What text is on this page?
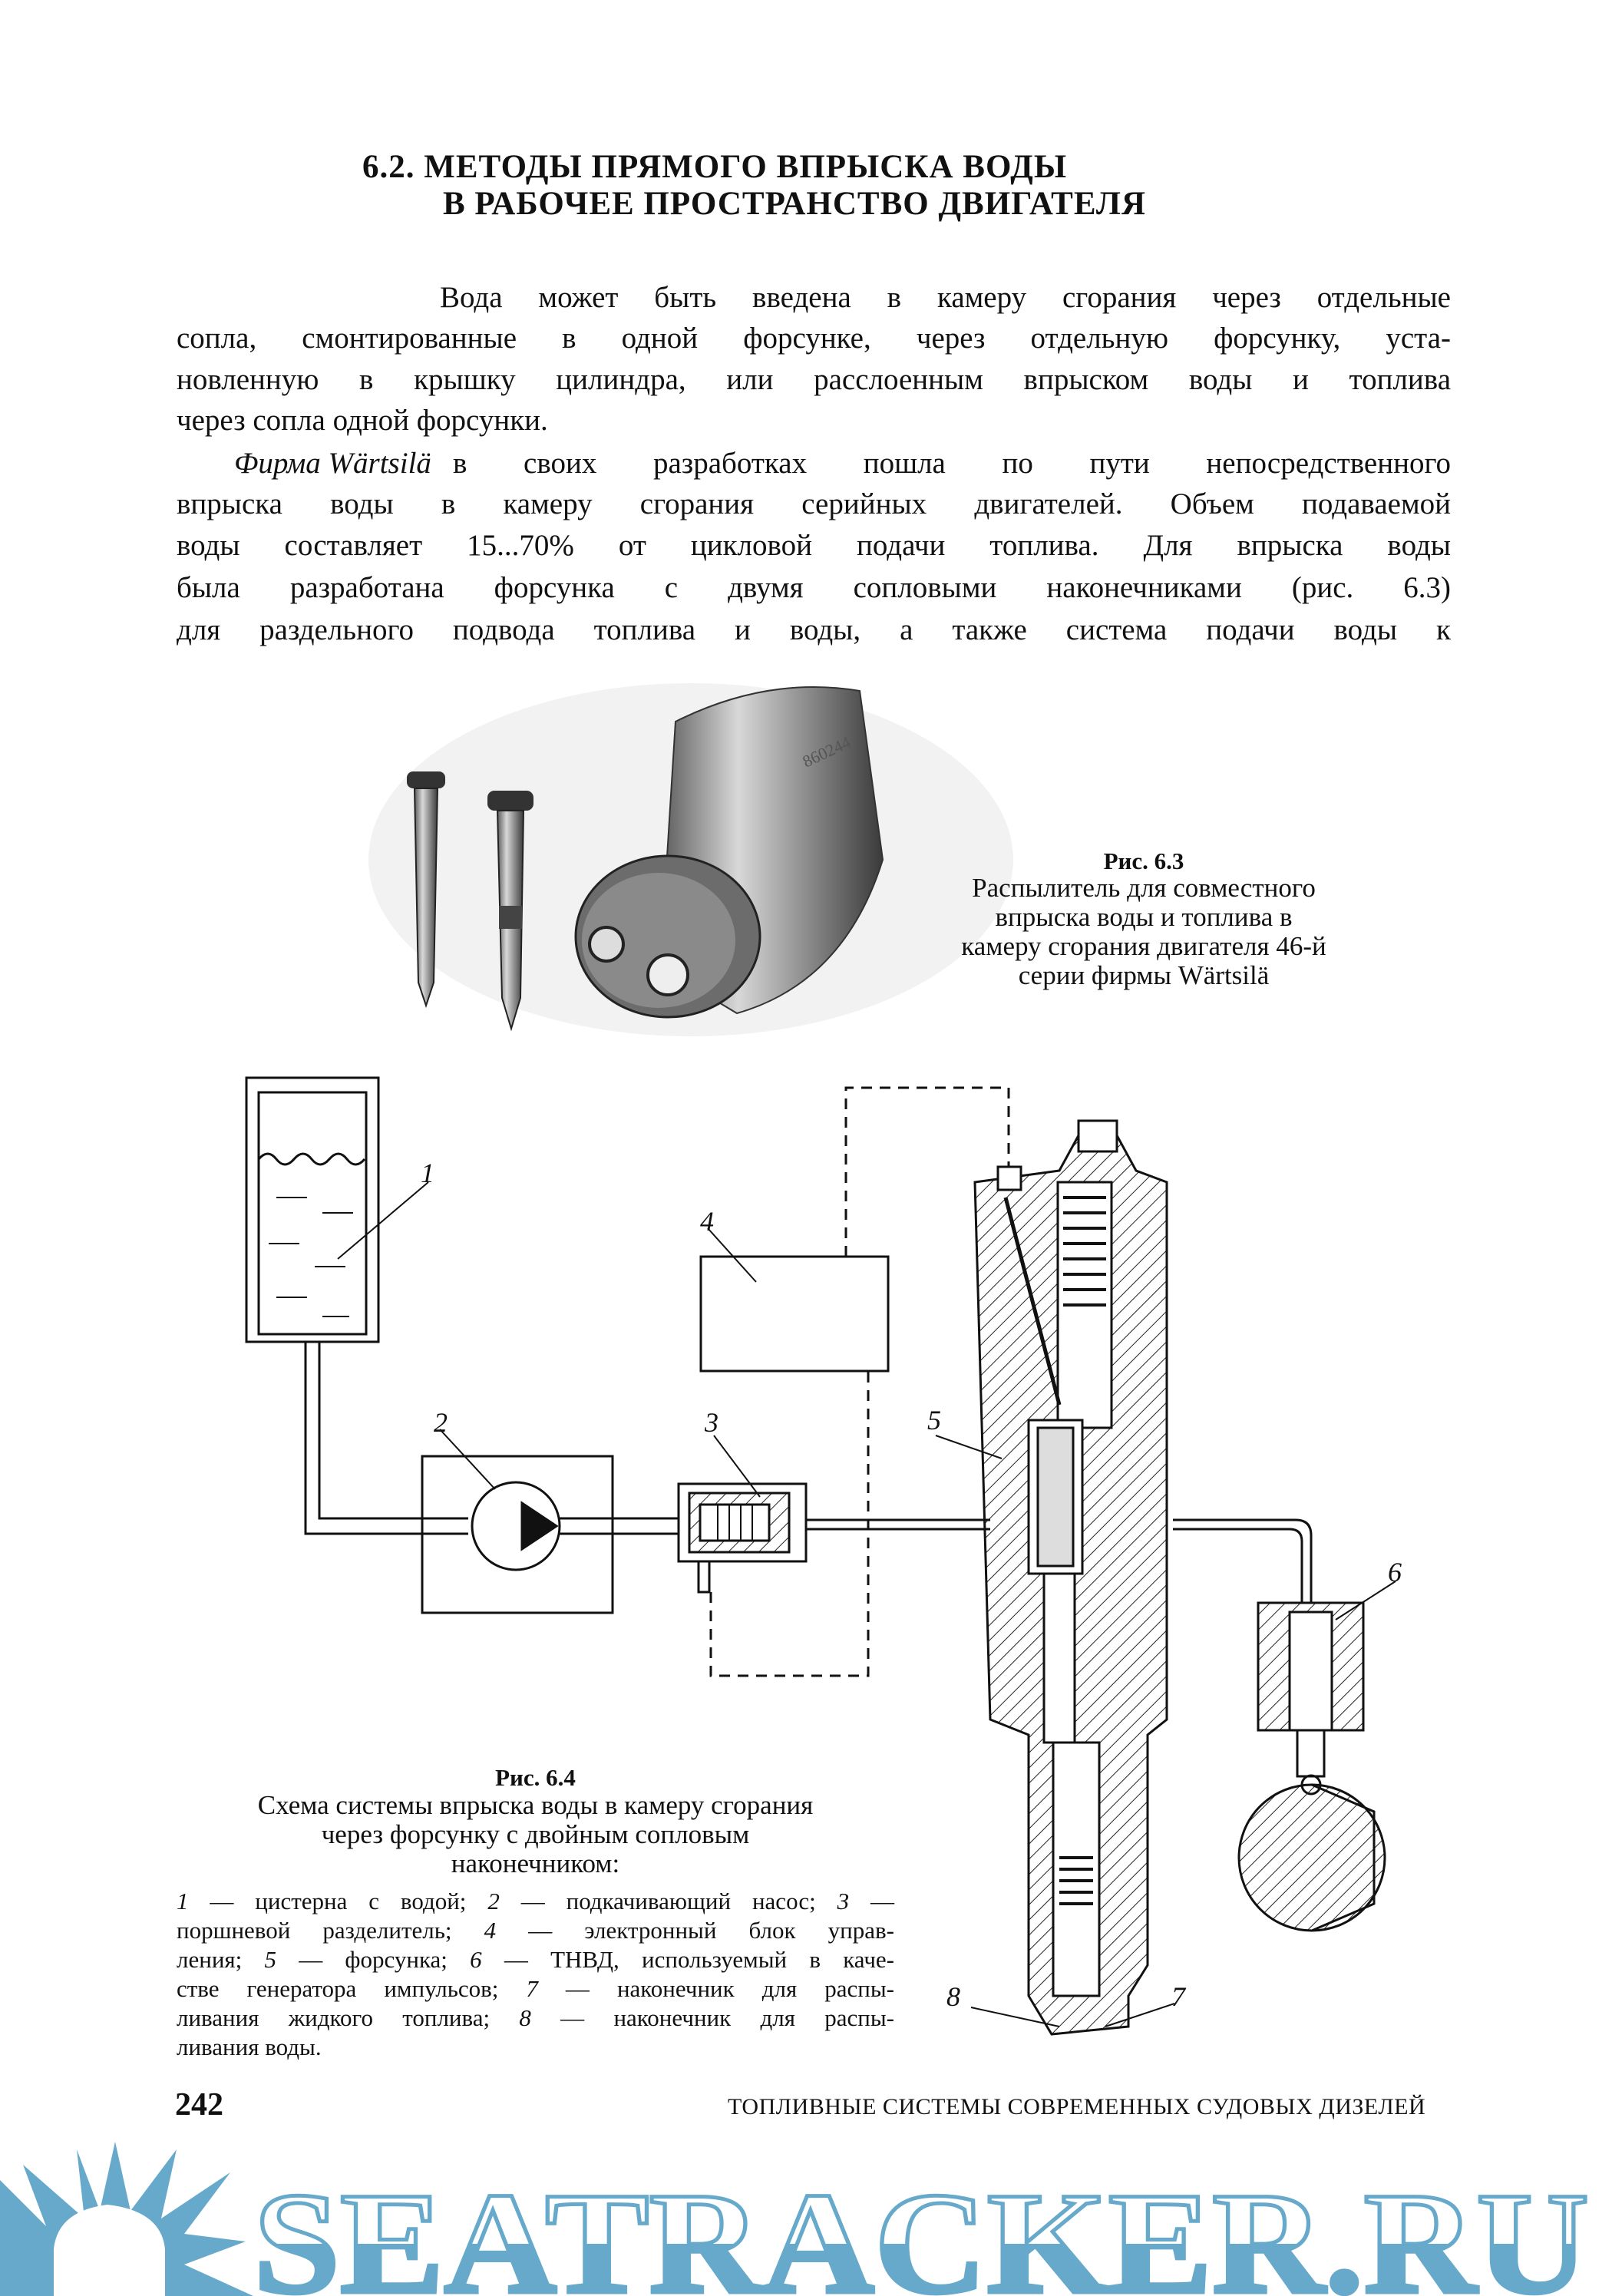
6.2. МЕТОДЫ ПРЯМОГО ВПРЫСКА ВОДЫ
В РАБОЧЕЕ ПРОСТРАНСТВО ДВИГАТЕЛЯ
Вода может быть введена в камеру сгорания через отдельные
сопла, смонтированные в одной форсунке, через отдельную форсунку, уста-
новленную в крышку цилиндра, или расслоенным впрыском воды и топлива
через сопла одной форсунки.
Фирма Wärtsilä в своих разработках пошла по пути непосредственного
впрыска воды в камеру сгорания серийных двигателей. Объем подаваемой
воды составляет 15...70% от цикловой подачи топлива. Для впрыска воды
была разработана форсунка с двумя сопловыми наконечниками (рис. 6.3)
для раздельного подвода топлива и воды, а также система подачи воды к
860244
1
2	3
4
5
6
7
8
SEATRACKER.RU
Рис. 6.3
Распылитель для совместного
впрыска воды и топлива в
камеру сгорания двигателя 46-й
серии фирмы Wärtsilä
Рис. 6.4
Схема системы впрыска воды в камеру сгорания
через форсунку с двойным сопловым
наконечником:
1 — цистерна с водой; 2 — подкачивающий насос; 3 —
поршневой разделитель; 4 — электронный блок управ-
ления; 5 — форсунка; 6 — ТНВД, используемый в каче-
стве генератора импульсов; 7 — наконечник для распы-
ливания жидкого топлива; 8 — наконечник для распы-
ливания воды.
242	ТОПЛИВНЫЕ СИСТЕМЫ СОВРЕМЕННЫХ СУДОВЫХ ДИЗЕЛЕЙ
